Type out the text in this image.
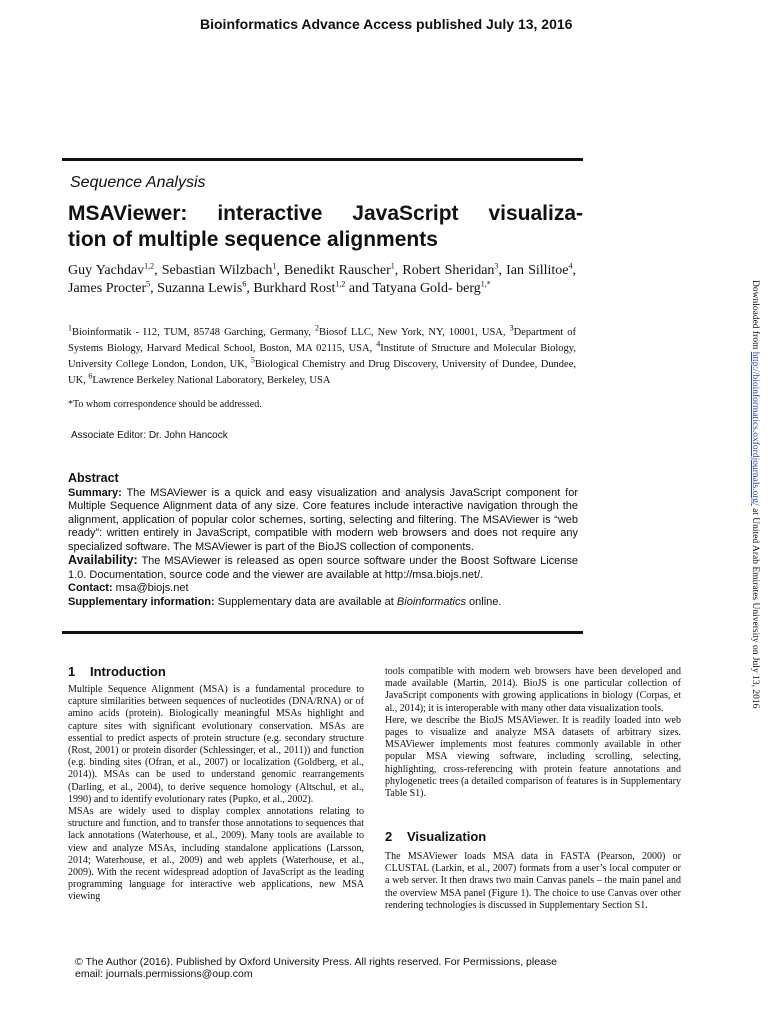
Bioinformatics Advance Access published July 13, 2016
Sequence Analysis
MSAViewer: interactive JavaScript visualiza-
tion of multiple sequence alignments
Guy Yachdav$^{1,2}$, Sebastian Wilzbach$^1$, Benedikt Rauscher$^1$, Robert Sheridan$^3$, Ian Sillitoe$^4$, James Procter$^5$, Suzanna Lewis$^6$, Burkhard Rost$^{1,2}$ and Tatyana Gold- berg$^{1,*}$
$^1$Bioinformatik - I12, TUM, 85748 Garching, Germany, $^2$Biosof LLC, New York, NY, 10001, USA, $^3$Department of Systems Biology, Harvard Medical School, Boston, MA 02115, USA, $^4$Institute of Structure and Molecular Biology, University College London, London, UK, $^5$Biological Chemistry and Drug Discovery, University of Dundee, Dundee, UK, $^6$Lawrence Berkeley National Laboratory, Berkeley, USA
*To whom correspondence should be addressed.
Associate Editor: Dr. John Hancock
Abstract

Summary: The MSAViewer is a quick and easy visualization and analysis JavaScript component for Multiple Sequence Alignment data of any size. Core features include interactive navigation through the alignment, application of popular color schemes, sorting, selecting and filtering. The MSAViewer is “web ready”: written entirely in JavaScript, compatible with modern web browsers and does not require any specialized software. The MSAViewer is part of the BioJS collection of components.

Availability: The MSAViewer is released as open source software under the Boost Software License 1.0. Documentation, source code and the viewer are available at http://msa.biojs.net/.

Contact: msa@biojs.net

Supplementary information: Supplementary data are available at Bioinformatics online.

1 Introduction

Multiple Sequence Alignment (MSA) is a fundamental procedure to capture similarities between sequences of nucleotides (DNA/RNA) or of amino acids (protein). Biologically meaningful MSAs highlight and capture sites with significant evolutionary conservation. MSAs are essential to predict aspects of protein structure (e.g. secondary structure (Rost, 2001) or protein disorder (Schlessinger, et al., 2011)) and function (e.g. binding sites (Ofran, et al., 2007) or localization (Goldberg, et al., 2014)). MSAs can be used to understand genomic rearrangements (Darling, et al., 2004), to derive sequence homology (Altschul, et al., 1990) and to identify evolutionary rates (Pupko, et al., 2002).

MSAs are widely used to display complex annotations relating to structure and function, and to transfer those annotations to sequences that lack annotations (Waterhouse, et al., 2009). Many tools are available to view and analyze MSAs, including standalone applications (Larsson, 2014; Waterhouse, et al., 2009) and web applets (Waterhouse, et al., 2009). With the recent widespread adoption of JavaScript as the leading programming language for interactive web applications, new MSA viewing

tools compatible with modern web browsers have been developed and made available (Martin, 2014). BioJS is one particular collection of JavaScript components with growing applications in biology (Corpas, et al., 2014); it is interoperable with many other data visualization tools.

Here, we describe the BioJS MSAViewer. It is readily loaded into web pages to visualize and analyze MSA datasets of arbitrary sizes. MSAViewer implements most features commonly available in other popular MSA viewing software, including scrolling, selecting, highlighting, cross-referencing with protein feature annotations and phylogenetic trees (a detailed comparison of features is in Supplementary Table S1).

2 Visualization

The MSAViewer loads MSA data in FASTA (Pearson, 2000) or CLUSTAL (Larkin, et al., 2007) formats from a user’s local computer or a web server. It then draws two main Canvas panels – the main panel and the overview MSA panel (Figure 1). The choice to use Canvas over other rendering technologies is discussed in Supplementary Section S1.

© The Author (2016). Published by Oxford University Press. All rights reserved. For Permissions, please email: journals.permissions@oup.com
Downloaded from http://bioinformatics.oxfordjournals.org/ at United Arab Emirates University on July 13, 2016
